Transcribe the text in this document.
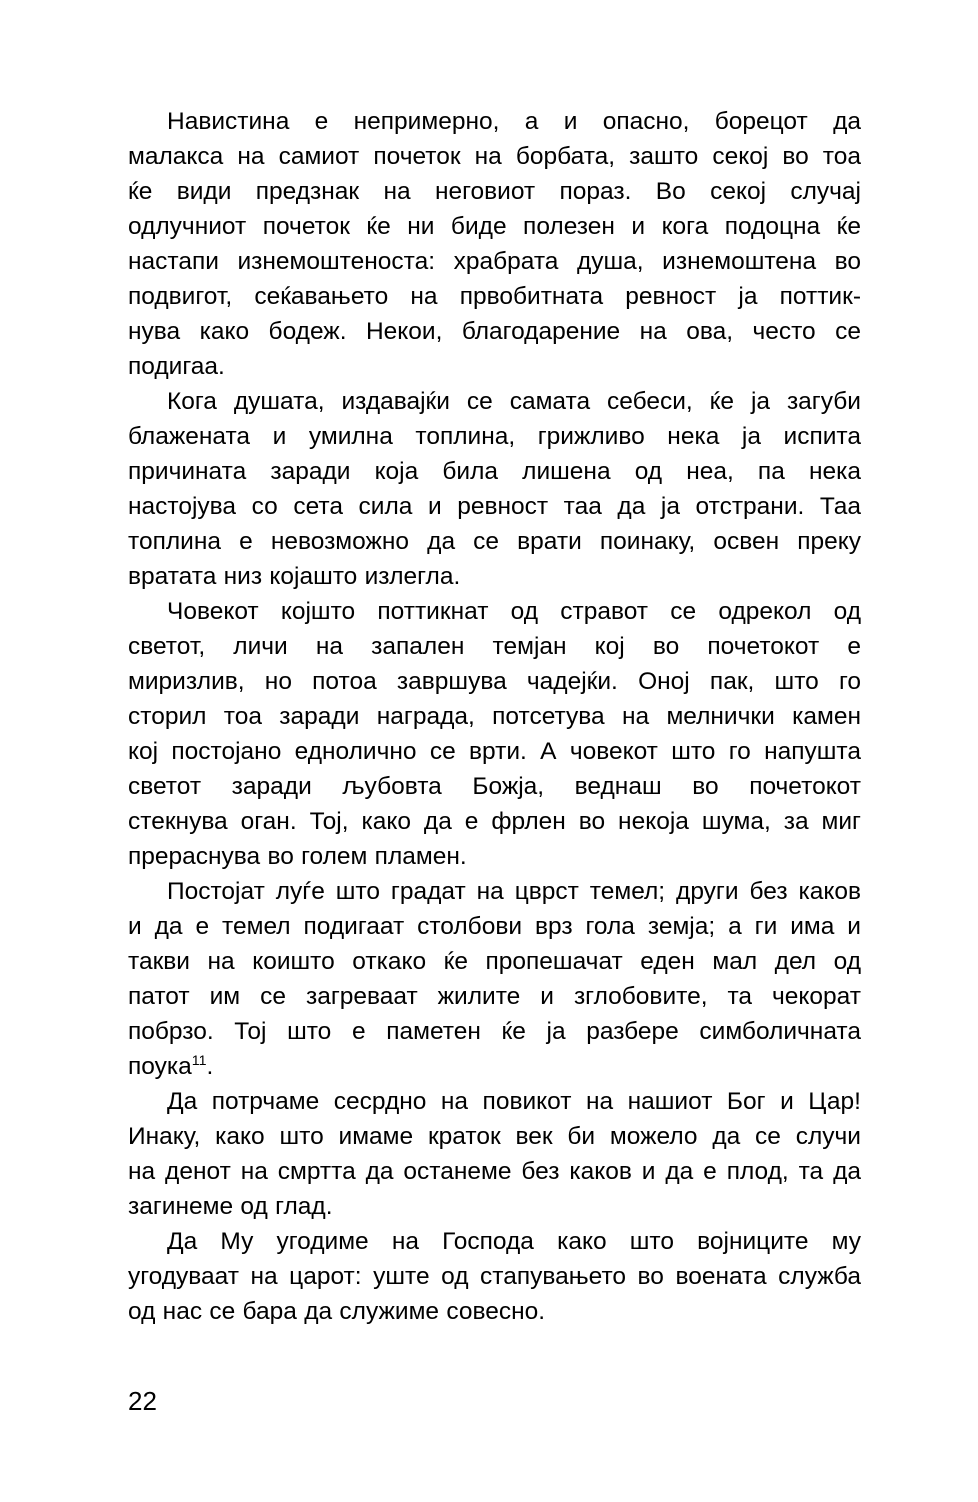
Навистина е непримерно, а и опасно, борецот да
малакса на самиот почеток на борбата, зашто секој во тоа
ќе види предзнак на неговиот пораз. Во секој случај
одлучниот почеток ќе ни биде полезен и кога подоцна ќе
настапи изнемоштеноста: храбрата душа, изнемоштена во
подвигот, сеќавањето на првобитната ревност ја поттик-
нува како бодеж. Некои, благодарение на ова, често се
подигаа.
Кога душата, издавајќи се самата себеси, ќе ја загуби
блажената и умилна топлина, грижливо нека ја испита
причината заради која била лишена од неа, па нека
настојува со сета сила и ревност таа да ја отстрани. Таа
топлина е невозможно да се врати поинаку, освен преку
вратата низ којашто излегла.
Човекот којшто поттикнат од стравот се одрекол од
светот, личи на запален темјан кој во почетокот е
миризлив, но потоа завршува чадејќи. Оној пак, што го
сторил тоа заради награда, потсетува на мелнички камен
кој постојано еднолично се врти. А човекот што го напушта
светот заради љубовта Божја, веднаш во почетокот
стекнува оган. Тој, како да е фрлен во некоја шума, за миг
прераснува во голем пламен.
Постојат луѓе што градат на цврст темел; други без каков
и да е темел подигаат столбови врз гола земја; а ги има и
такви на коишто откако ќе пропешачат еден мал дел од
патот им се загреваат жилите и зглобовите, та чекорат
побрзо. Тој што е паметен ќе ја разбере симболичната
поука$^{11}$.
Да потрчаме сесрдно на повикот на нашиот Бог и Цар!
Инаку, како што имаме краток век би можело да се случи
на денот на смртта да останеме без каков и да е плод, та да
загинеме од глад.
Да Му угодиме на Господа како што војниците му
угодуваат на царот: уште од стапувањето во воената служба
од нас се бара да служиме совесно.
22
